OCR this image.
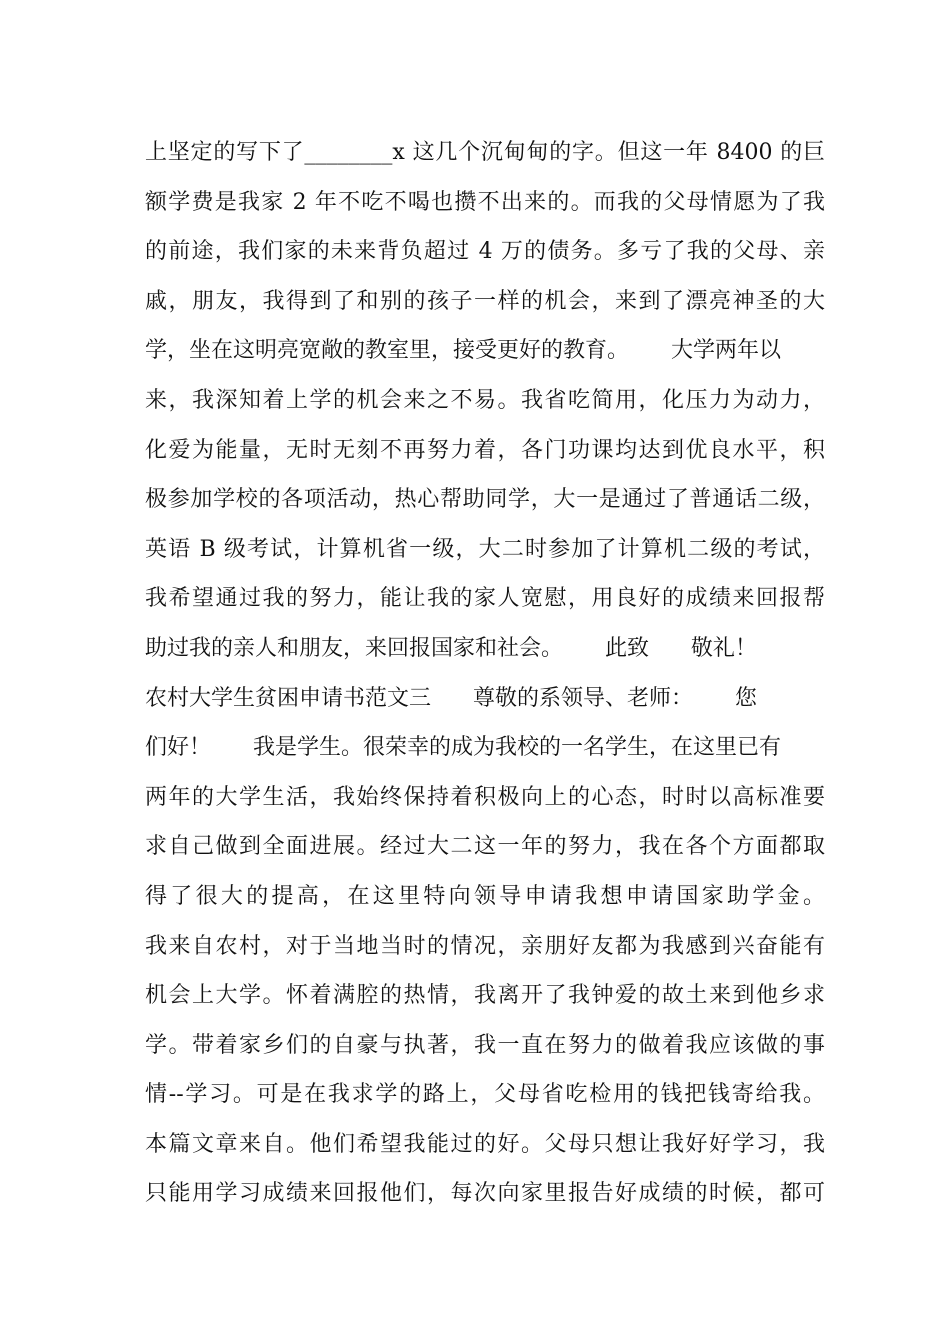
上坚定的写下了________x 这几个沉甸甸的字。但这一年 8400 的巨
额学费是我家 2 年不吃不喝也攒不出来的。而我的父母情愿为了我
的前途，我们家的未来背负超过 4 万的债务。多亏了我的父母、亲
戚，朋友，我得到了和别的孩子一样的机会，来到了漂亮神圣的大
学，坐在这明亮宽敞的教室里，接受更好的教育。      大学两年以
来，我深知着上学的机会来之不易。我省吃简用，化压力为动力，
化爱为能量，无时无刻不再努力着，各门功课均达到优良水平，积
极参加学校的各项活动，热心帮助同学，大一是通过了普通话二级，
英语 B 级考试，计算机省一级，大二时参加了计算机二级的考试，
我希望通过我的努力，能让我的家人宽慰，用良好的成绩来回报帮
助过我的亲人和朋友，来回报国家和社会。      此致      敬礼！
农村大学生贫困申请书范文三      尊敬的系领导、老师：      您
们好！      我是学生。很荣幸的成为我校的一名学生，在这里已有
两年的大学生活，我始终保持着积极向上的心态，时时以高标准要
求自己做到全面进展。经过大二这一年的努力，我在各个方面都取
得了很大的提高，在这里特向领导申请我想申请国家助学金。
我来自农村，对于当地当时的情况，亲朋好友都为我感到兴奋能有
机会上大学。怀着满腔的热情，我离开了我钟爱的故土来到他乡求
学。带着家乡们的自豪与执著，我一直在努力的做着我应该做的事
情--学习。可是在我求学的路上，父母省吃检用的钱把钱寄给我。
本篇文章来自。他们希望我能过的好。父母只想让我好好学习，我
只能用学习成绩来回报他们，每次向家里报告好成绩的时候，都可
